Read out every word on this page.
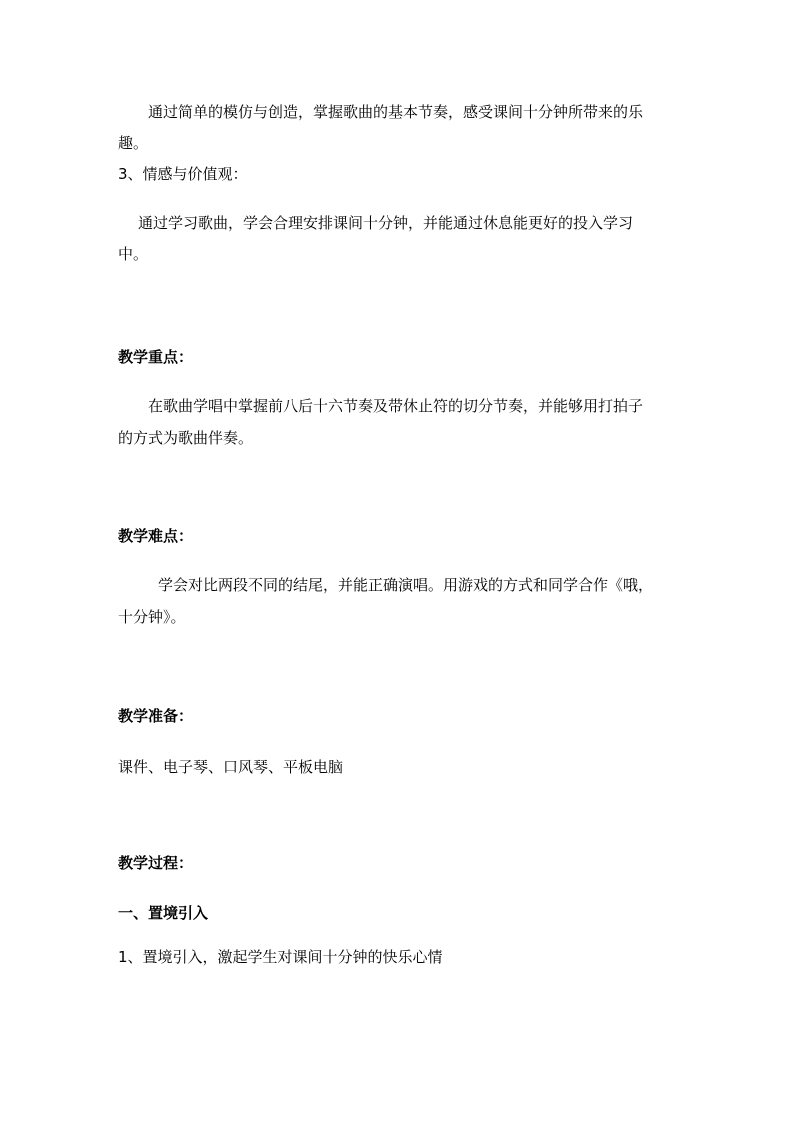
通过简单的模仿与创造，掌握歌曲的基本节奏，感受课间十分钟所带来的乐
趣。
3、情感与价值观：
通过学习歌曲，学会合理安排课间十分钟，并能通过休息能更好的投入学习
中。
教学重点：
在歌曲学唱中掌握前八后十六节奏及带休止符的切分节奏，并能够用打拍子
的方式为歌曲伴奏。
教学难点：
学会对比两段不同的结尾，并能正确演唱。用游戏的方式和同学合作《哦，
十分钟》。
教学准备：
课件、电子琴、口风琴、平板电脑
教学过程：
一、置境引入
1、置境引入，激起学生对课间十分钟的快乐心情
